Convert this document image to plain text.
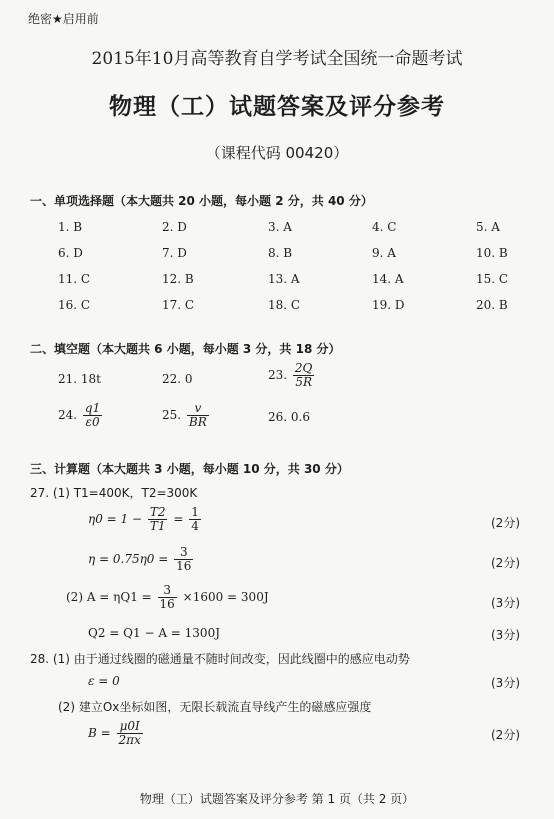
绝密★启用前
2015年10月高等教育自学考试全国统一命题考试
物理（工）试题答案及评分参考
（课程代码 00420）
一、单项选择题（本大题共 20 小题，每小题 2 分，共 40 分）
1. B	2. D	3. A	4. C	5. A
6. D	7. D	8. B	9. A	10. B
11. C	12. B	13. A	14. A	15. C
16. C	17. C	18. C	19. D	20. B
二、填空题（本大题共 6 小题，每小题 3 分，共 18 分）
21. 18t	22. 0	23. $\frac{2Q}{5R}$
24. $\frac{q1}{\varepsilon 0}$	25. $\frac{v}{BR}$	26. 0.6
三、计算题（本大题共 3 小题，每小题 10 分，共 30 分）
27. (1) T1=400K，T2=300K
$\eta 0 = 1 - \frac{T2}{T1} = \frac{1}{4}$	(2分)
$\eta = 0.75\eta 0 = \frac{3}{16}$	(2分)
(2) $A = \eta Q1 = \frac{3}{16} \times 1600 = 300J$	(3分)
Q2 = Q1 − A = 1300J	(3分)
28. (1) 由于通过线圈的磁通量不随时间改变，因此线圈中的感应电动势
ε = 0	(3分)
(2) 建立Ox坐标如图，无限长载流直导线产生的磁感应强度
$B = \frac{\mu 0I}{2\pi x}$	(2分)
物理（工）试题答案及评分参考 第 1 页（共 2 页）
